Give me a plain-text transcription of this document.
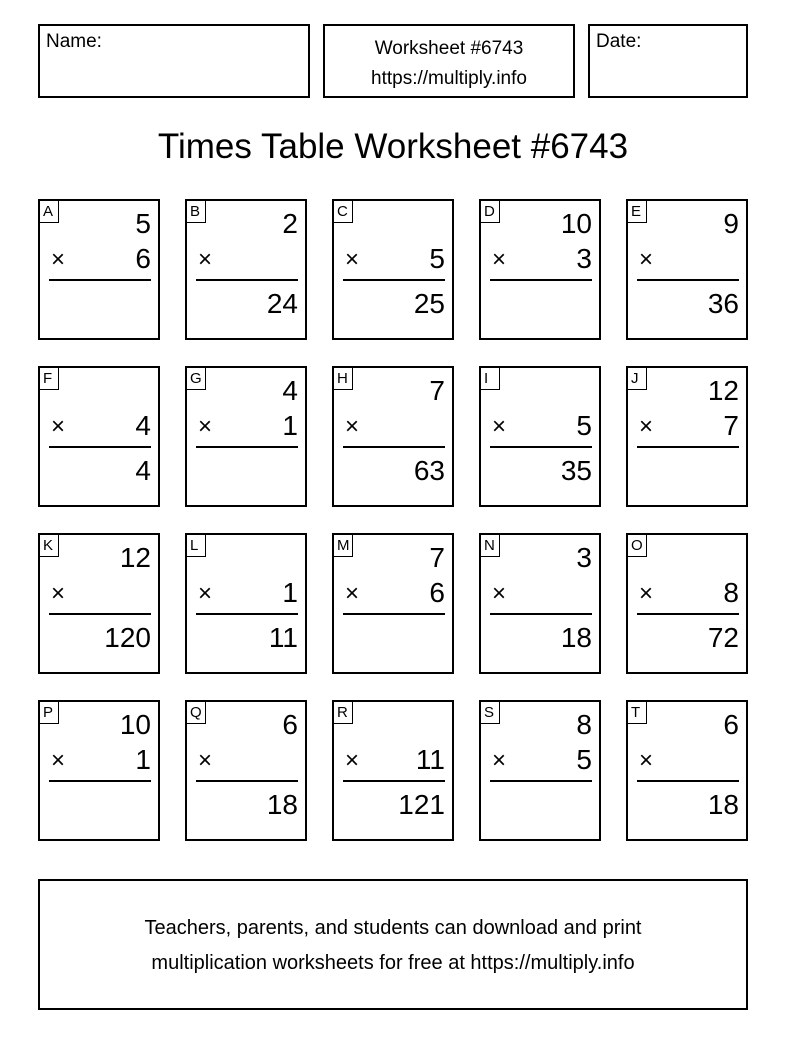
Name:	Worksheet #6743
https://multiply.info
Date:
Times Table Worksheet #6743
A	5
×	6
B	2
×
24
C
×	5
25
D 10
×	3
E	9
×
36
F
×	4
4
G	4
×	1
H	7
×
63
I
×	5
35
J	12
×	7
K 12
×
120
L
×	1
11
M	7
×	6
N	3
×
18
O
×	8
72
P 10
×	1
Q	6
×
18
R
× 11
121
S	8
×	5
T	6
×
18
Teachers, parents, and students can download and print
multiplication worksheets for free at https://multiply.info
